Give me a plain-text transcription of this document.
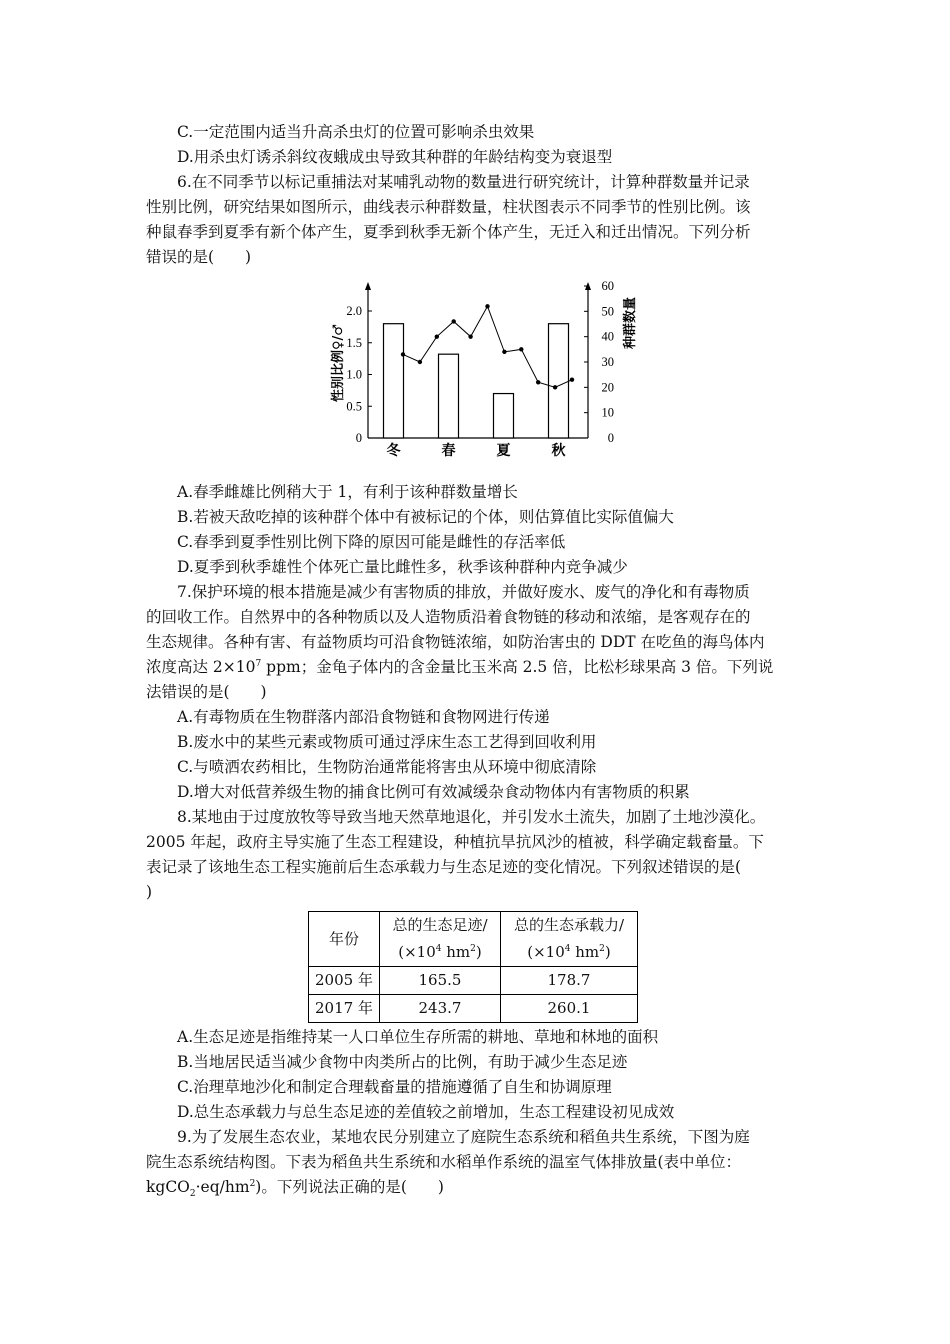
C.一定范围内适当升高杀虫灯的位置可影响杀虫效果
D.用杀虫灯诱杀斜纹夜蛾成虫导致其种群的年龄结构变为衰退型
6.在不同季节以标记重捕法对某哺乳动物的数量进行研究统计，计算种群数量并记录
性别比例，研究结果如图所示，曲线表示种群数量，柱状图表示不同季节的性别比例。该
种鼠春季到夏季有新个体产生，夏季到秋季无新个体产生，无迁入和迁出情况。下列分析
错误的是(　　)
0
0.5
1.0
1.5
2.0
0
10
20
30
40
50
60
冬	春	夏	秋
性别比例♀/♂
种群数量
A.春季雌雄比例稍大于 1，有利于该种群数量增长
B.若被天敌吃掉的该种群个体中有被标记的个体，则估算值比实际值偏大
C.春季到夏季性别比例下降的原因可能是雌性的存活率低
D.夏季到秋季雄性个体死亡量比雌性多，秋季该种群种内竞争减少
7.保护环境的根本措施是减少有害物质的排放，并做好废水、废气的净化和有毒物质
的回收工作。自然界中的各种物质以及人造物质沿着食物链的移动和浓缩，是客观存在的
生态规律。各种有害、有益物质均可沿食物链浓缩，如防治害虫的 DDT 在吃鱼的海鸟体内
浓度高达 $2\times 10^7$ ppm；金龟子体内的含金量比玉米高 2.5 倍，比松杉球果高 3 倍。下列说
法错误的是(　　)
A.有毒物质在生物群落内部沿食物链和食物网进行传递
B.废水中的某些元素或物质可通过浮床生态工艺得到回收利用
C.与喷洒农药相比，生物防治通常能将害虫从环境中彻底清除
D.增大对低营养级生物的捕食比例可有效减缓杂食动物体内有害物质的积累
8.某地由于过度放牧等导致当地天然草地退化，并引发水土流失，加剧了土地沙漠化。
2005 年起，政府主导实施了生态工程建设，种植抗旱抗风沙的植被，科学确定载畜量。下
表记录了该地生态工程实施前后生态承载力与生态足迹的变化情况。下列叙述错误的是(
)
年份	总的生态足迹/	总的生态承载力/
	($\times 10^4$ $hm^2$)	($\times 10^4$ $hm^2$)
2005 年	165.5	178.7
2017 年	243.7	260.1
A.生态足迹是指维持某一人口单位生存所需的耕地、草地和林地的面积
B.当地居民适当减少食物中肉类所占的比例，有助于减少生态足迹
C.治理草地沙化和制定合理载畜量的措施遵循了自生和协调原理
D.总生态承载力与总生态足迹的差值较之前增加，生态工程建设初见成效
9.为了发展生态农业，某地农民分别建立了庭院生态系统和稻鱼共生系统，下图为庭
院生态系统结构图。下表为稻鱼共生系统和水稻单作系统的温室气体排放量(表中单位：
$kgCO_2\cdot eq/hm^2$)。下列说法正确的是(　　)
